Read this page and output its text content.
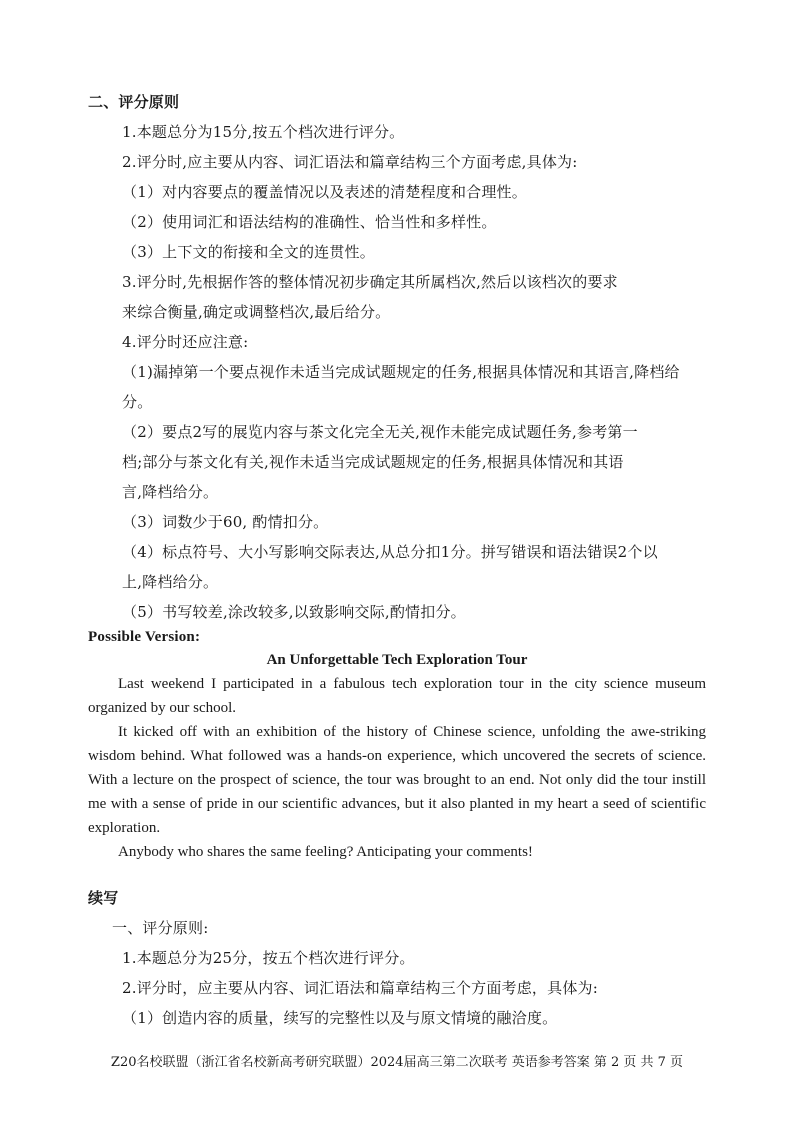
二、评分原则
1.本题总分为15分,按五个档次进行评分。
2.评分时,应主要从内容、词汇语法和篇章结构三个方面考虑,具体为:
（1）对内容要点的覆盖情况以及表述的清楚程度和合理性。
（2）使用词汇和语法结构的准确性、恰当性和多样性。
（3）上下文的衔接和全文的连贯性。
3.评分时,先根据作答的整体情况初步确定其所属档次,然后以该档次的要求
来综合衡量,确定或调整档次,最后给分。
4.评分时还应注意:
（1)漏掉第一个要点视作未适当完成试题规定的任务,根据具体情况和其语言,降档给
分。
（2）要点2写的展览内容与茶文化完全无关,视作未能完成试题任务,参考第一
档;部分与茶文化有关,视作未适当完成试题规定的任务,根据具体情况和其语
言,降档给分。
（3）词数少于60, 酌情扣分。
（4）标点符号、大小写影响交际表达,从总分扣1分。拼写错误和语法错误2个以
上,降档给分。
（5）书写较差,涂改较多,以致影响交际,酌情扣分。
Possible Version:
An Unforgettable Tech Exploration Tour

Last weekend I participated in a fabulous tech exploration tour in the city science museum organized by our school.

It kicked off with an exhibition of the history of Chinese science, unfolding the awe-striking wisdom behind. What followed was a hands-on experience, which uncovered the secrets of science. With a lecture on the prospect of science, the tour was brought to an end. Not only did the tour instill me with a sense of pride in our scientific advances, but it also planted in my heart a seed of scientific exploration.

Anybody who shares the same feeling? Anticipating your comments!

续写
一、评分原则:
1.本题总分为25分，按五个档次进行评分。
2.评分时，应主要从内容、词汇语法和篇章结构三个方面考虑，具体为:
（1）创造内容的质量，续写的完整性以及与原文情境的融洽度。
Z20名校联盟（浙江省名校新高考研究联盟）2024届高三第二次联考 英语参考答案 第 2 页 共 7 页
